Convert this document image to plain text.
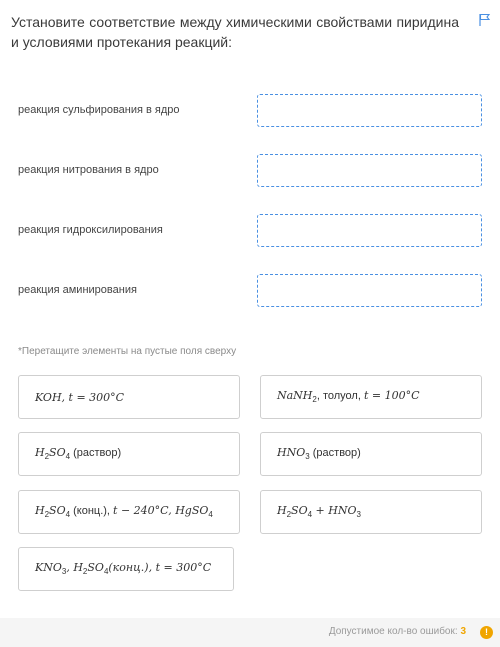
Установите соответствие между химическими свойствами пиридина и условиями протекания реакций:
реакция сульфирования в ядро
реакция нитрования в ядро
реакция гидроксилирования
реакция аминирования
*Перетащите элементы на пустые поля сверху
KOH, t = 300°C	NaNH$_2$, толуол, t = 100°C
$H_2SO_4$ (раствор)	$HNO_3$ (раствор)
$H_2SO_4$ (конц.), t − 240°C, HgSO$_4$	$H_2SO_4 + HNO_3$
$KNO_3$, $H_2SO_4(конц.)$, t = 300°C
Допустимое кол-во ошибок: 3	!
